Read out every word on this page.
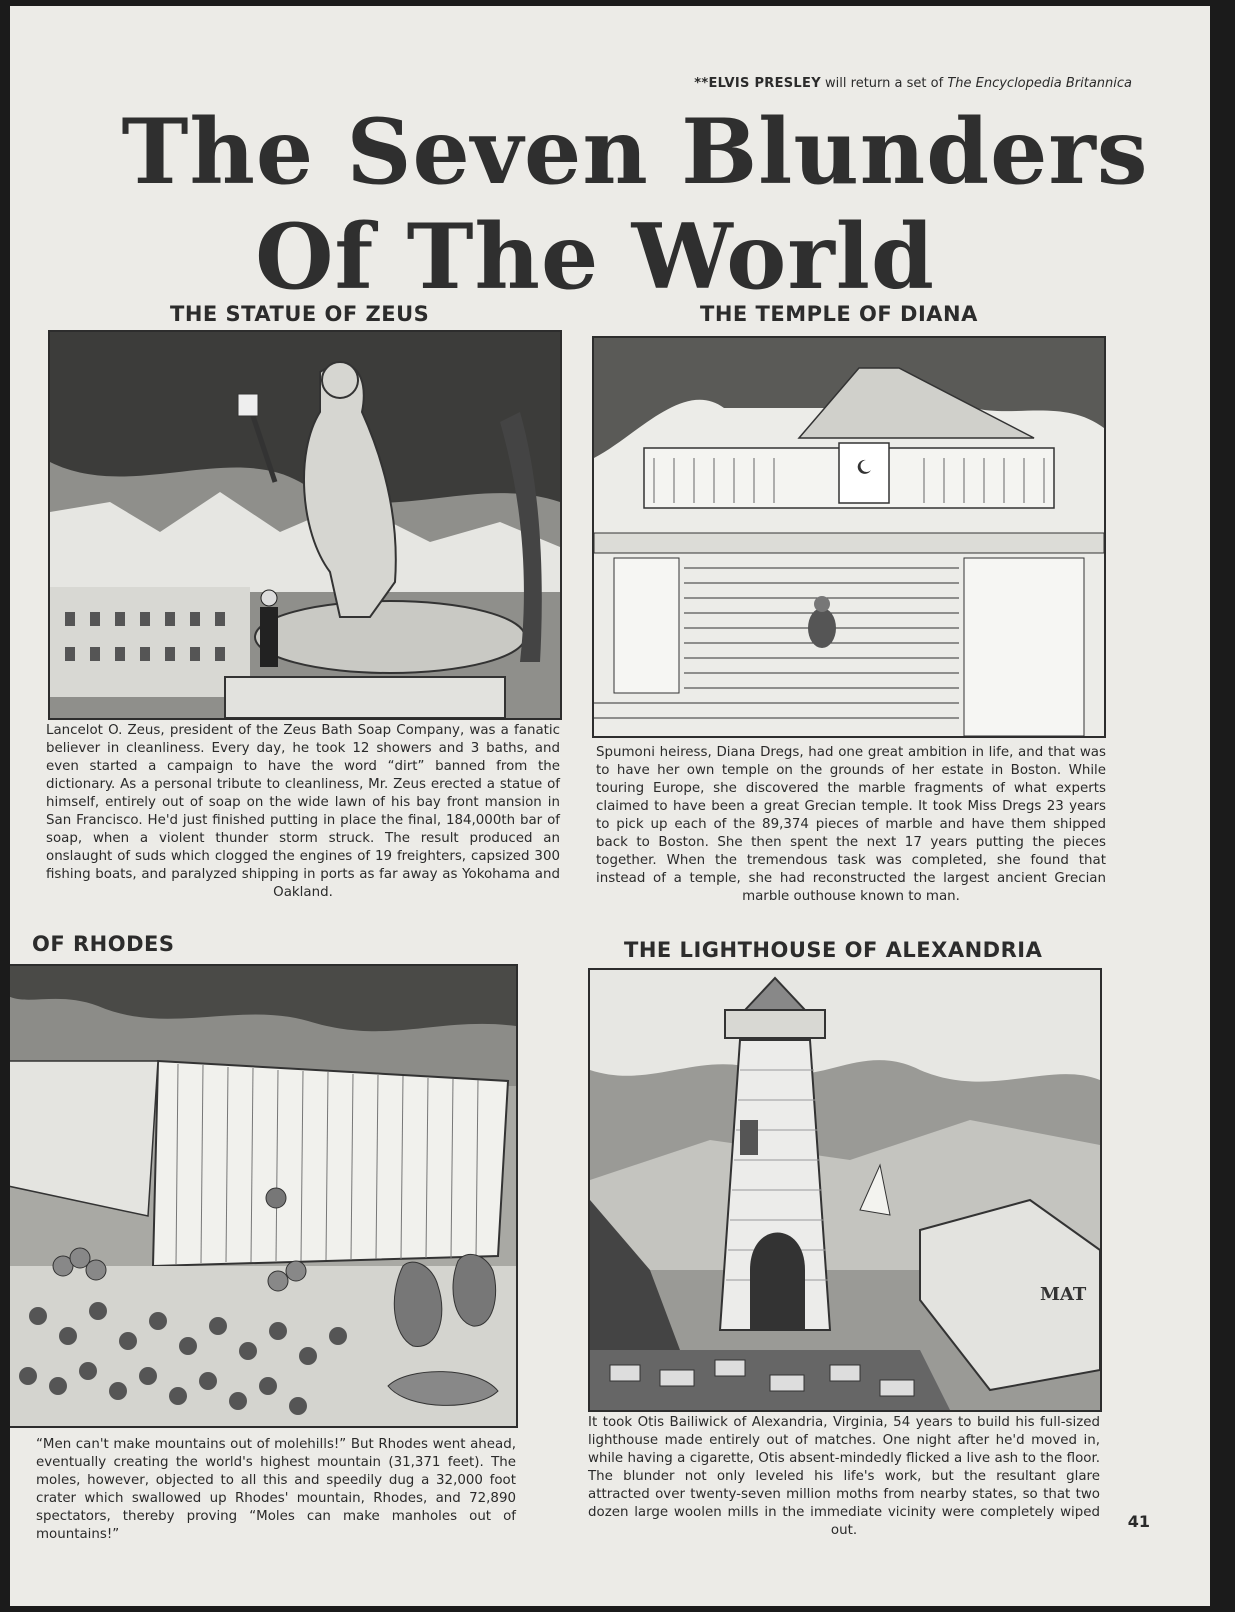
**ELVIS PRESLEY will return a set of The Encyclopedia Britannica
The Seven Blunders
Of The World
THE STATUE OF ZEUS
Lancelot O. Zeus, president of the Zeus Bath Soap Company, was a fanatic believer in cleanliness. Every day, he took 12 showers and 3 baths, and even started a campaign to have the word “dirt” banned from the dictionary. As a personal tribute to cleanliness, Mr. Zeus erected a statue of himself, entirely out of soap on the wide lawn of his bay front mansion in San Francisco. He'd just finished putting in place the final, 184,000th bar of soap, when a violent thunder storm struck. The result produced an onslaught of suds which clogged the engines of 19 freighters, capsized 300 fishing boats, and paralyzed shipping in ports as far away as Yokohama and Oakland.
THE TEMPLE OF DIANA
Spumoni heiress, Diana Dregs, had one great ambition in life, and that was to have her own temple on the grounds of her estate in Boston. While touring Europe, she discovered the marble fragments of what experts claimed to have been a great Grecian temple. It took Miss Dregs 23 years to pick up each of the 89,374 pieces of marble and have them shipped back to Boston. She then spent the next 17 years putting the pieces together. When the tremendous task was completed, she found that instead of a temple, she had reconstructed the largest ancient Grecian marble outhouse known to man.
OF RHODES
“Men can't make mountains out of molehills!” But Rhodes went ahead, eventually creating the world's highest mountain (31,371 feet). The moles, however, objected to all this and speedily dug a 32,000 foot crater which swallowed up Rhodes' mountain, Rhodes, and 72,890 spectators, thereby proving “Moles can make manholes out of mountains!”
THE LIGHTHOUSE OF ALEXANDRIA
MAT
It took Otis Bailiwick of Alexandria, Virginia, 54 years to build his full-sized lighthouse made entirely out of matches. One night after he'd moved in, while having a cigarette, Otis absent-mindedly flicked a live ash to the floor. The blunder not only leveled his life's work, but the resultant glare attracted over twenty-seven million moths from nearby states, so that two dozen large woolen mills in the immediate vicinity were completely wiped out.	41
